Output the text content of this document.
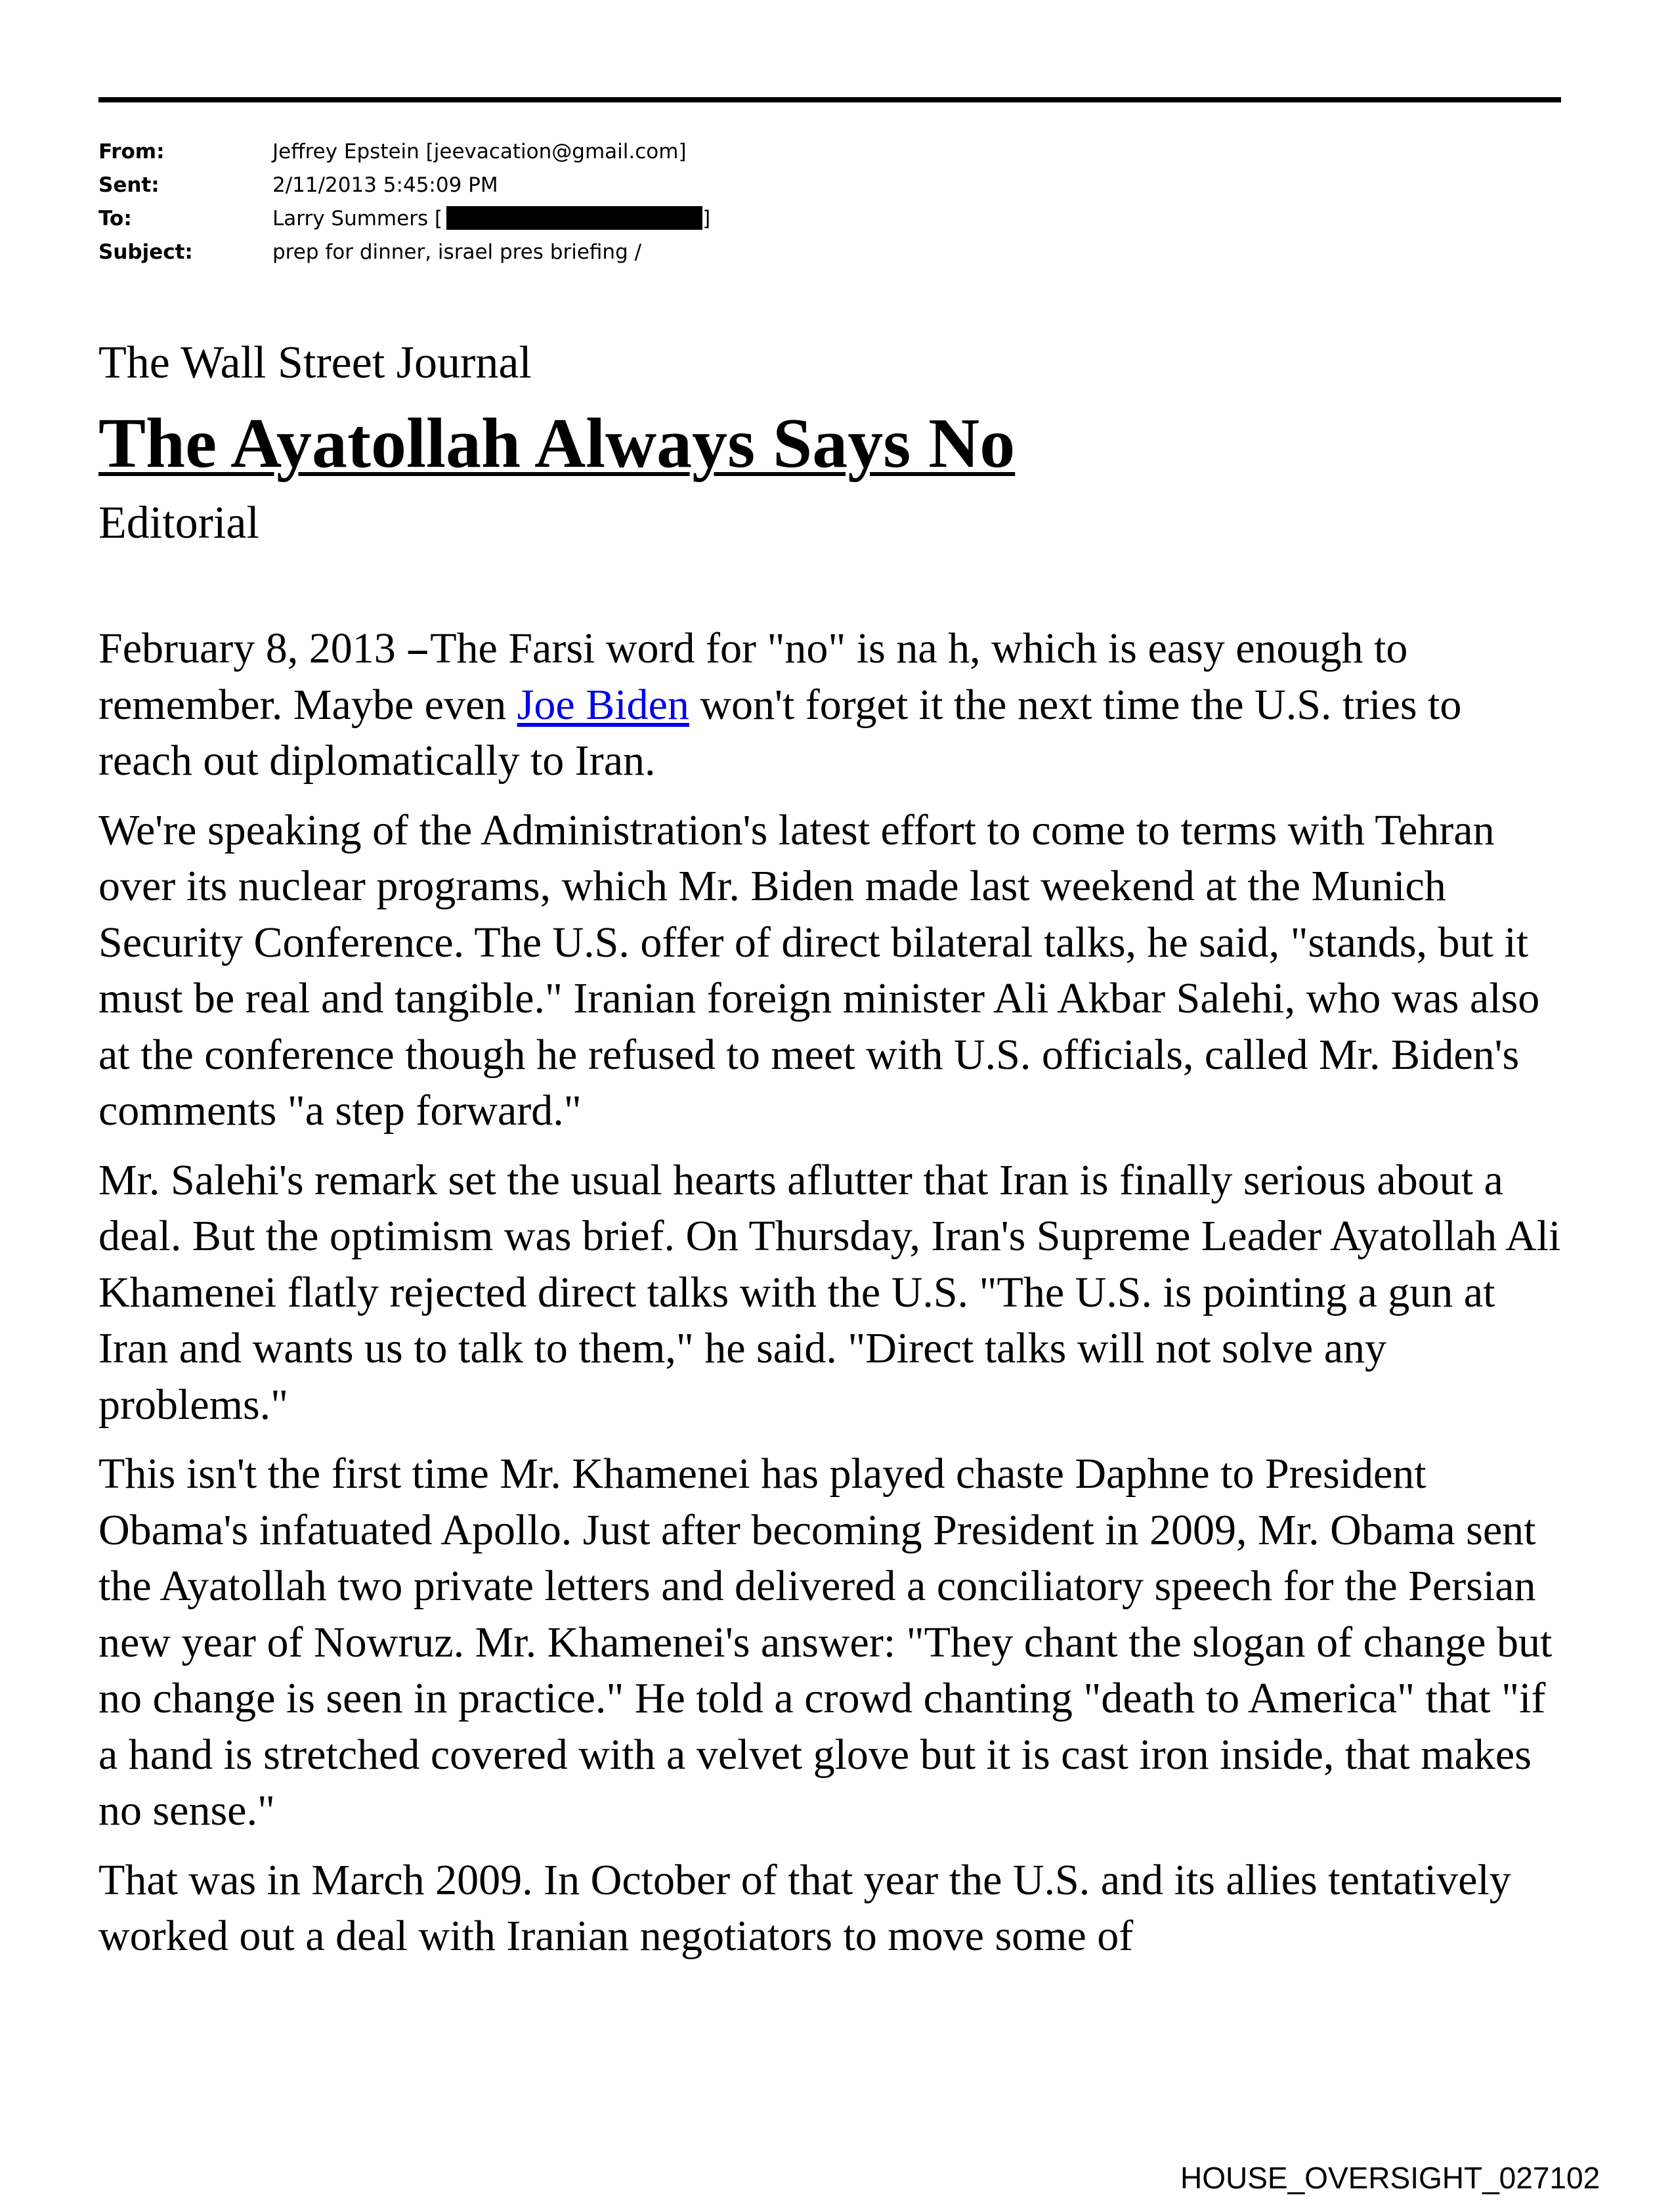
From:	Jeffrey Epstein [jeevacation@gmail.com]
Sent:	2/11/2013 5:45:09 PM
To:	Larry Summers [	]
Subject:	prep for dinner, israel pres briefing /
The Wall Street Journal
The Ayatollah Always Says No
Editorial

February 8, 2013 -- The Farsi word for "no" is na h, which is easy enough to remember. Maybe even Joe Biden won't forget it the next time the U.S. tries to reach out diplomatically to Iran.

We're speaking of the Administration's latest effort to come to terms with Tehran over its nuclear programs, which Mr. Biden made last weekend at the Munich Security Conference. The U.S. offer of direct bilateral talks, he said, "stands, but it must be real and tangible." Iranian foreign minister Ali Akbar Salehi, who was also at the conference though he refused to meet with U.S. officials, called Mr. Biden's comments "a step forward."

Mr. Salehi's remark set the usual hearts aflutter that Iran is finally serious about a deal. But the optimism was brief. On Thursday, Iran's Supreme Leader Ayatollah Ali Khamenei flatly rejected direct talks with the U.S. "The U.S. is pointing a gun at Iran and wants us to talk to them," he said. "Direct talks will not solve any problems."

This isn't the first time Mr. Khamenei has played chaste Daphne to President Obama's infatuated Apollo. Just after becoming President in 2009, Mr. Obama sent the Ayatollah two private letters and delivered a conciliatory speech for the Persian new year of Nowruz. Mr. Khamenei's answer: "They chant the slogan of change but no change is seen in practice." He told a crowd chanting "death to America" that "if a hand is stretched covered with a velvet glove but it is cast iron inside, that makes no sense."

That was in March 2009. In October of that year the U.S. and its allies tentatively worked out a deal with Iranian negotiators to move some of

HOUSE_OVERSIGHT_027102
